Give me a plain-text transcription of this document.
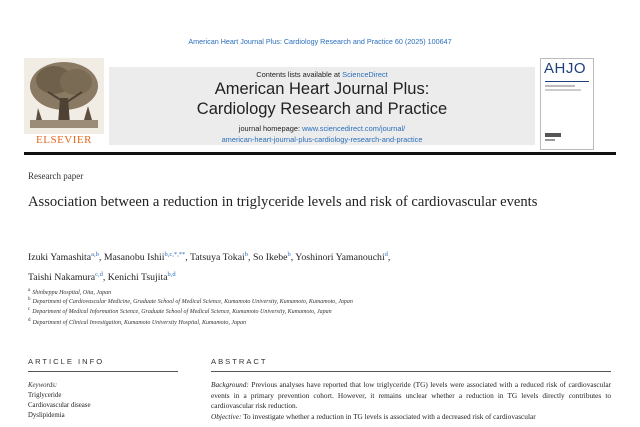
American Heart Journal Plus: Cardiology Research and Practice 60 (2025) 100647
ELSEVIER
Contents lists available at ScienceDirect
American Heart Journal Plus:
Cardiology Research and Practice
journal homepage: www.sciencedirect.com/journal/
american-heart-journal-plus-cardiology-research-and-practice
AHJO
Research paper
Association between a reduction in triglyceride levels and risk of cardiovascular events
Izuki Yamashita$^{a,b}$, Masanobu Ishii$^{b,c,*,**}$, Tatsuya Tokai$^b$, So Ikebe$^b$, Yoshinori Yamanouchi$^d$,
Taishi Nakamura$^{c,d}$, Kenichi Tsujita$^{b,d}$
$^a$ Shinbeppu Hospital, Oita, Japan
$^b$ Department of Cardiovascular Medicine, Graduate School of Medical Science, Kumamoto University, Kumamoto, Kumamoto, Japan
$^c$ Department of Medical Information Science, Graduate School of Medical Science, Kumamoto University, Kumamoto, Japan
$^d$ Department of Clinical Investigation, Kumamoto University Hospital, Kumamoto, Japan
ARTICLE INFO
Keywords:
Triglyceride
Cardiovascular disease
Dyslipidemia
ABSTRACT
Background: Previous analyses have reported that low triglyceride (TG) levels were associated with a reduced risk of cardiovascular events in a primary prevention cohort. However, it remains unclear whether a reduction in TG levels directly contributes to cardiovascular risk reduction.
Objective: To investigate whether a reduction in TG levels is associated with a decreased risk of cardiovascular
